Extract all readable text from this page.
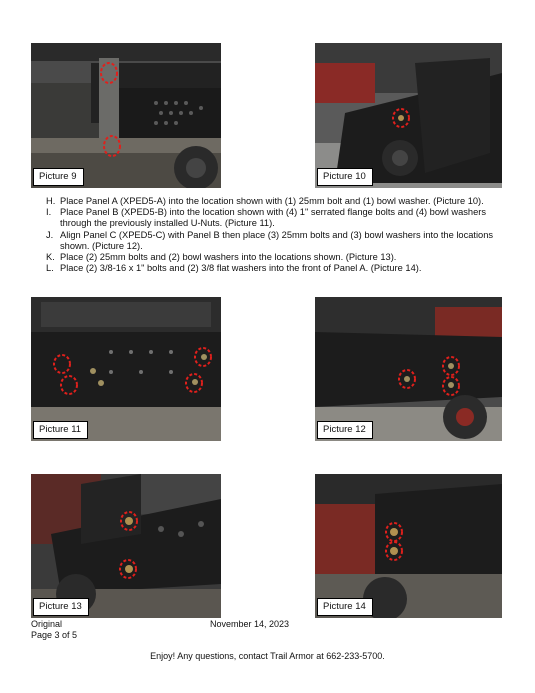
Picture 9	Picture 10
H. Place Panel A (XPED5-A) into the location shown with (1) 25mm bolt and (1) bowl washer. (Picture 10).
I. Place Panel B (XPED5-B) into the location shown with (4) 1" serrated flange bolts and (4) bowl washers through the previously installed U-Nuts. (Picture 11).
J. Align Panel C (XPED5-C) with Panel B then place (3) 25mm bolts and (3) bowl washers into the locations shown. (Picture 12).
K. Place (2) 25mm bolts and (2) bowl washers into the locations shown. (Picture 13).
L. Place (2) 3/8-16 x 1" bolts and (2) 3/8 flat washers into the front of Panel A. (Picture 14).
Picture 11	Picture 12
Picture 13	Picture 14
Original
Page 3 of 5
November 14, 2023
Enjoy! Any questions, contact Trail Armor at 662-233-5700.
